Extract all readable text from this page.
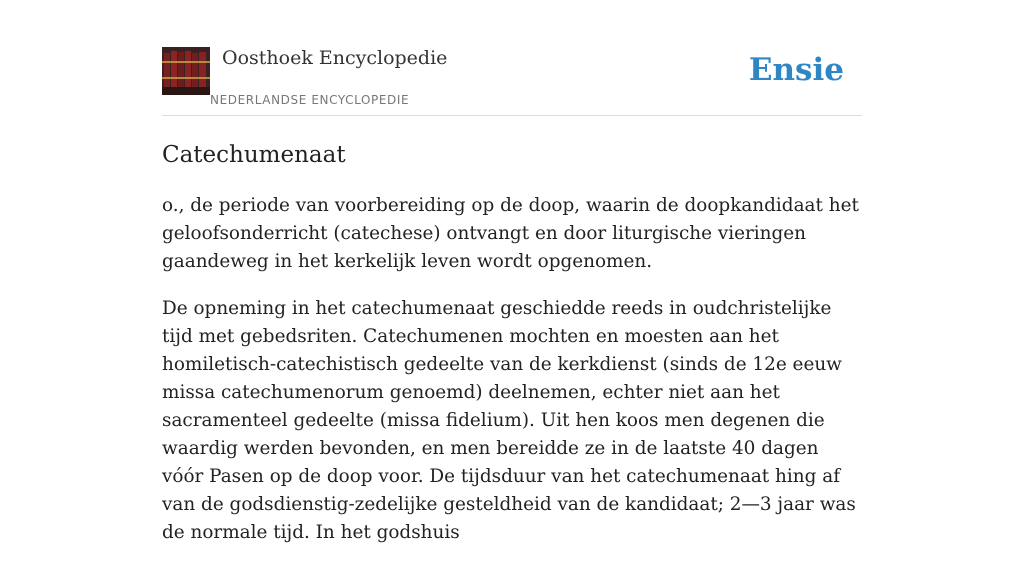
Oosthoek Encyclopedie
NEDERLANDSE ENCYCLOPEDIE
Ensie
Catechumenaat

o., de periode van voorbereiding op de doop, waarin de doopkandidaat het geloofsonderricht (catechese) ontvangt en door liturgische vieringen gaandeweg in het kerkelijk leven wordt opgenomen.

De opneming in het catechumenaat geschiedde reeds in oudchristelijke tijd met gebedsriten. Catechumenen mochten en moesten aan het homiletisch-catechistisch gedeelte van de kerkdienst (sinds de 12e eeuw missa catechumenorum genoemd) deelnemen, echter niet aan het sacramenteel gedeelte (missa fidelium). Uit hen koos men degenen die waardig werden bevonden, en men bereidde ze in de laatste 40 dagen vóór Pasen op de doop voor. De tijdsduur van het catechumenaat hing af van de godsdienstig-zedelijke gesteldheid van de kandidaat; 2—3 jaar was de normale tijd. In het godshuis
